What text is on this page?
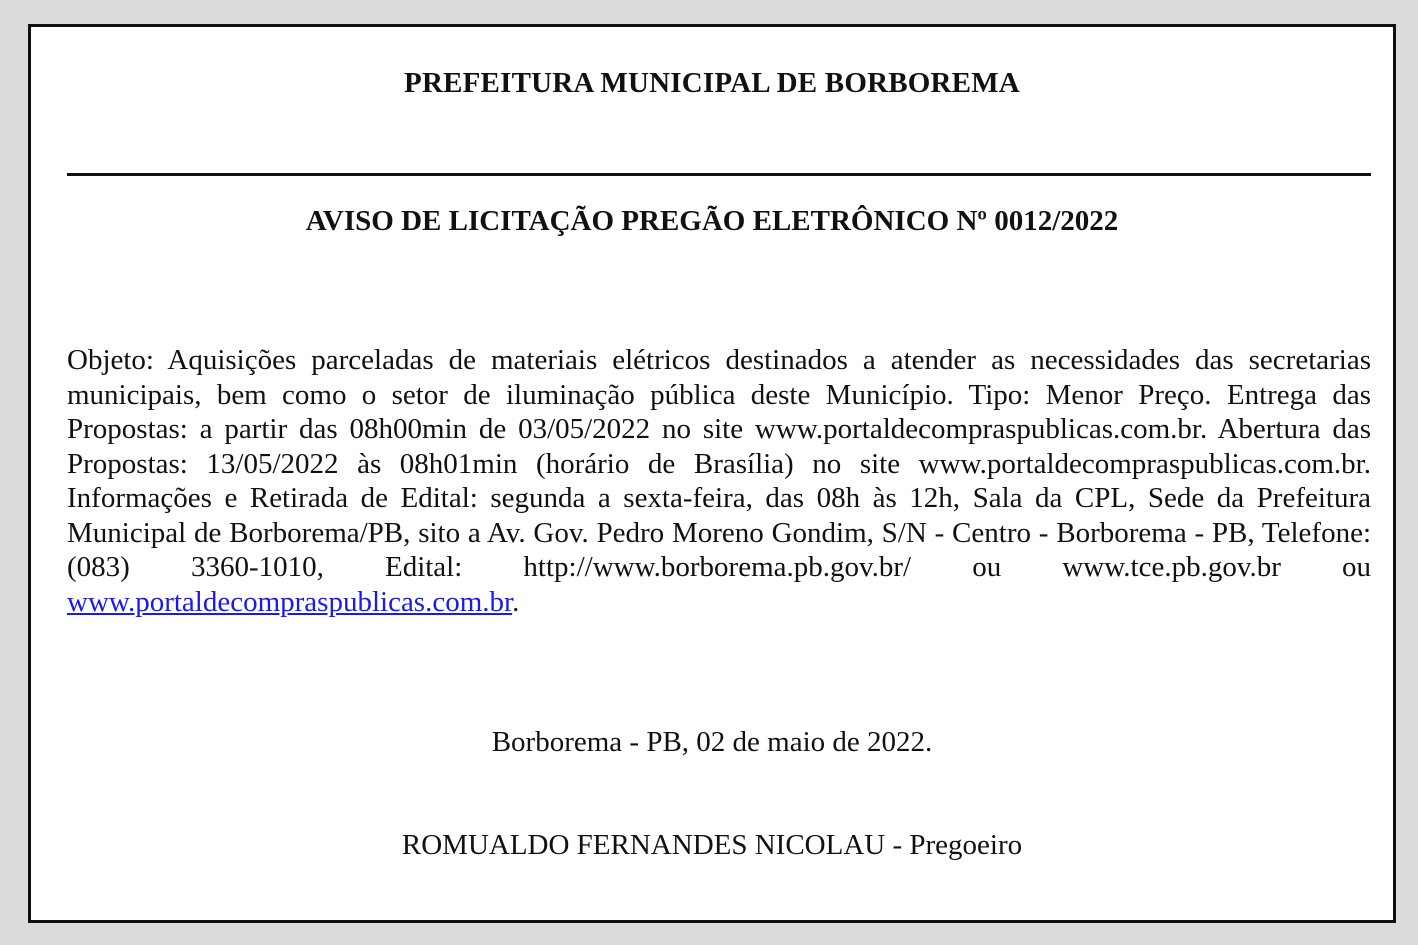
PREFEITURA MUNICIPAL DE BORBOREMA
AVISO DE LICITAÇÃO PREGÃO ELETRÔNICO Nº 0012/2022

Objeto: Aquisições parceladas de materiais elétricos destinados a atender as necessidades das secretarias municipais, bem como o setor de iluminação pública deste Município. Tipo: Menor Preço. Entrega das Propostas: a partir das 08h00min de 03/05/2022 no site www.portaldecompraspublicas.com.br. Abertura das Propostas: 13/05/2022 às 08h01min (horário de Brasília) no site www.portaldecompraspublicas.com.br. Informações e Retirada de Edital: segunda a sexta-feira, das 08h às 12h, Sala da CPL, Sede da Prefeitura Municipal de Borborema/PB, sito a Av. Gov. Pedro Moreno Gondim, S/N - Centro - Borborema - PB, Telefone: (083) 3360-1010, Edital: http://www.borborema.pb.gov.br/ ou www.tce.pb.gov.br ou www.portaldecompraspublicas.com.br.

Borborema - PB, 02 de maio de 2022.
ROMUALDO FERNANDES NICOLAU - Pregoeiro
